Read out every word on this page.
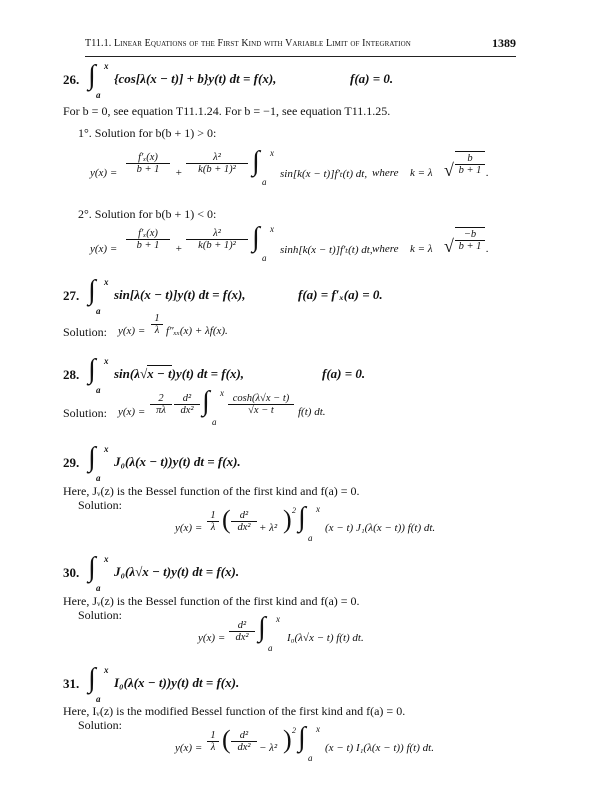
T11.1. Linear Equations of the First Kind with Variable Limit of Integration	1389
26. ∫ x
a
{cos[λ(x − t)] + b}y(t) dt = f(x),	f(a) = 0.
For b = 0, see equation T11.1.24. For b = −1, see equation T11.1.25.
1°. Solution for b(b + 1) > 0:
$y(x) = \frac{\text{f′ₓ(x)}}{b + 1} + \frac{\text{λ²}}{\text{k(b + 1)²}}$ ∫ x
a
sin[k(x − t)]f′ₜ(t) dt, where k = λ √ $\frac{b}{b + 1}$ .
2°. Solution for b(b + 1) < 0:
$y(x) = \frac{\text{f′ₓ(x)}}{b + 1} + \frac{\text{λ²}}{\text{k(b + 1)²}}$ ∫ x
a
sinh[k(x − t)]f′ₜ(t) dt, where k = λ √ $\frac{-b}{b + 1}$ .
27. ∫ x
a
sin[λ(x − t)]y(t) dt = f(x),	f(a) = f′ₓ(a) = 0.
Solution: $y(x) = \frac{1}{\lambda} f''_{xx}(x) + \lambda f(x)$.
28. ∫ x
a
sin(λ√x − t)y(t) dt = f(x),	f(a) = 0.
Solution: $y(x) = \frac{2}{\pi\lambda} \frac{\text{d²}}{\text{dx²}}$ ∫ x
a
$\frac{\cosh(\lambda√x - t)}{√x - t} f(t)$ dt.
29. ∫ x
a
J₀(λ(x − t))y(t) dt = f(x).
Here, Jᵥ(z) is the Bessel function of the first kind and f(a) = 0.
Solution:
$y(x) = \frac{1}{\lambda}$ ( $\frac{\text{d²}}{\text{dx²}} + \lambda^2$ ) 2 ∫ x
a
(x − t) J₁(λ(x − t)) f(t) dt.
30. ∫ x
a
J₀(λ√x − t)y(t) dt = f(x).
Here, Jᵥ(z) is the Bessel function of the first kind and f(a) = 0.
Solution:
$y(x) = \frac{\text{d²}}{\text{dx²}}$ ∫ x
a
I₀(λ√x − t) f(t) dt.
31. ∫ x
a
I₀(λ(x − t))y(t) dt = f(x).
Here, Iᵥ(z) is the modified Bessel function of the first kind and f(a) = 0.
Solution:
$y(x) = \frac{1}{\lambda}$ ( $\frac{\text{d²}}{\text{dx²}} - \lambda^2$ ) 2 ∫ x
a
(x − t) I₁(λ(x − t)) f(t) dt.
